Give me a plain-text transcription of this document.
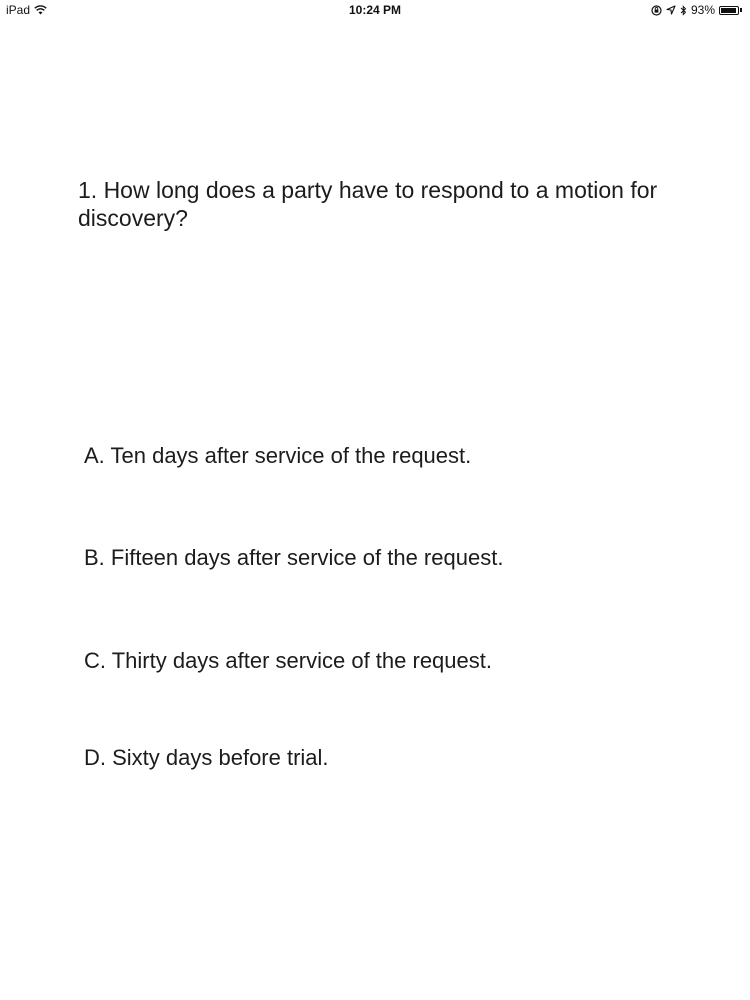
iPad	10:24 PM	93%
1. How long does a party have to respond to a motion for discovery?
A. Ten days after service of the request.
B. Fifteen days after service of the request.
C. Thirty days after service of the request.
D. Sixty days before trial.
